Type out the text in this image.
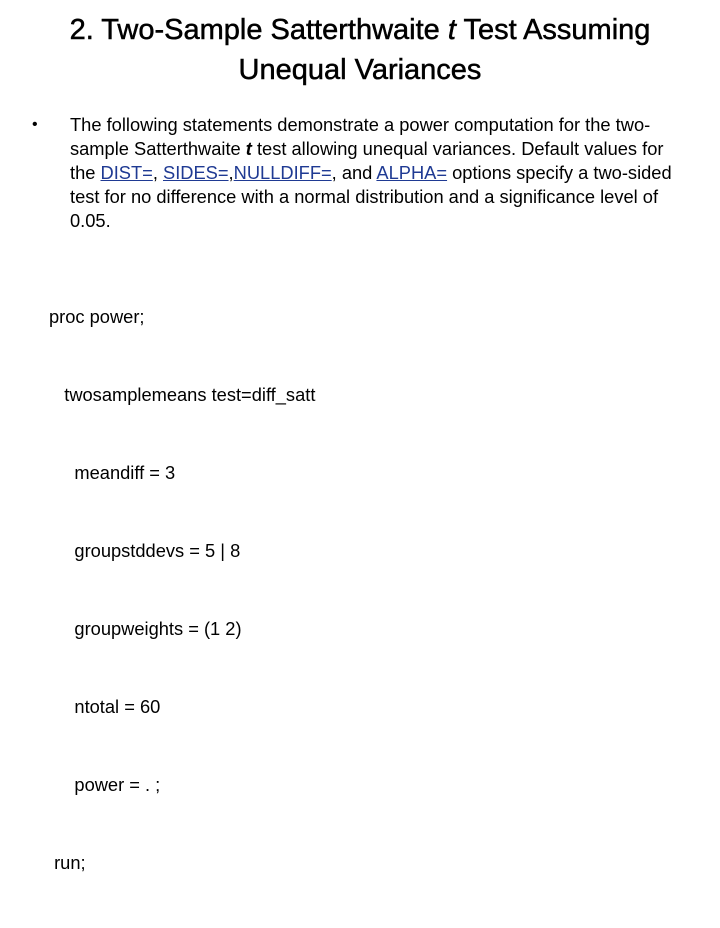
2. Two-Sample Satterthwaite t Test Assuming
Unequal Variances
•	The following statements demonstrate a power computation for the two-sample Satterthwaite t test allowing unequal variances. Default values for the DIST=, SIDES=,NULLDIFF=, and ALPHA= options specify a two-sided test for no difference with a normal distribution and a significance level of 0.05.

proc power;

twosamplemeans test=diff_satt

meandiff = 3

groupstddevs = 5 | 8

groupweights = (1 2)

ntotal = 60

power = . ;

run;
